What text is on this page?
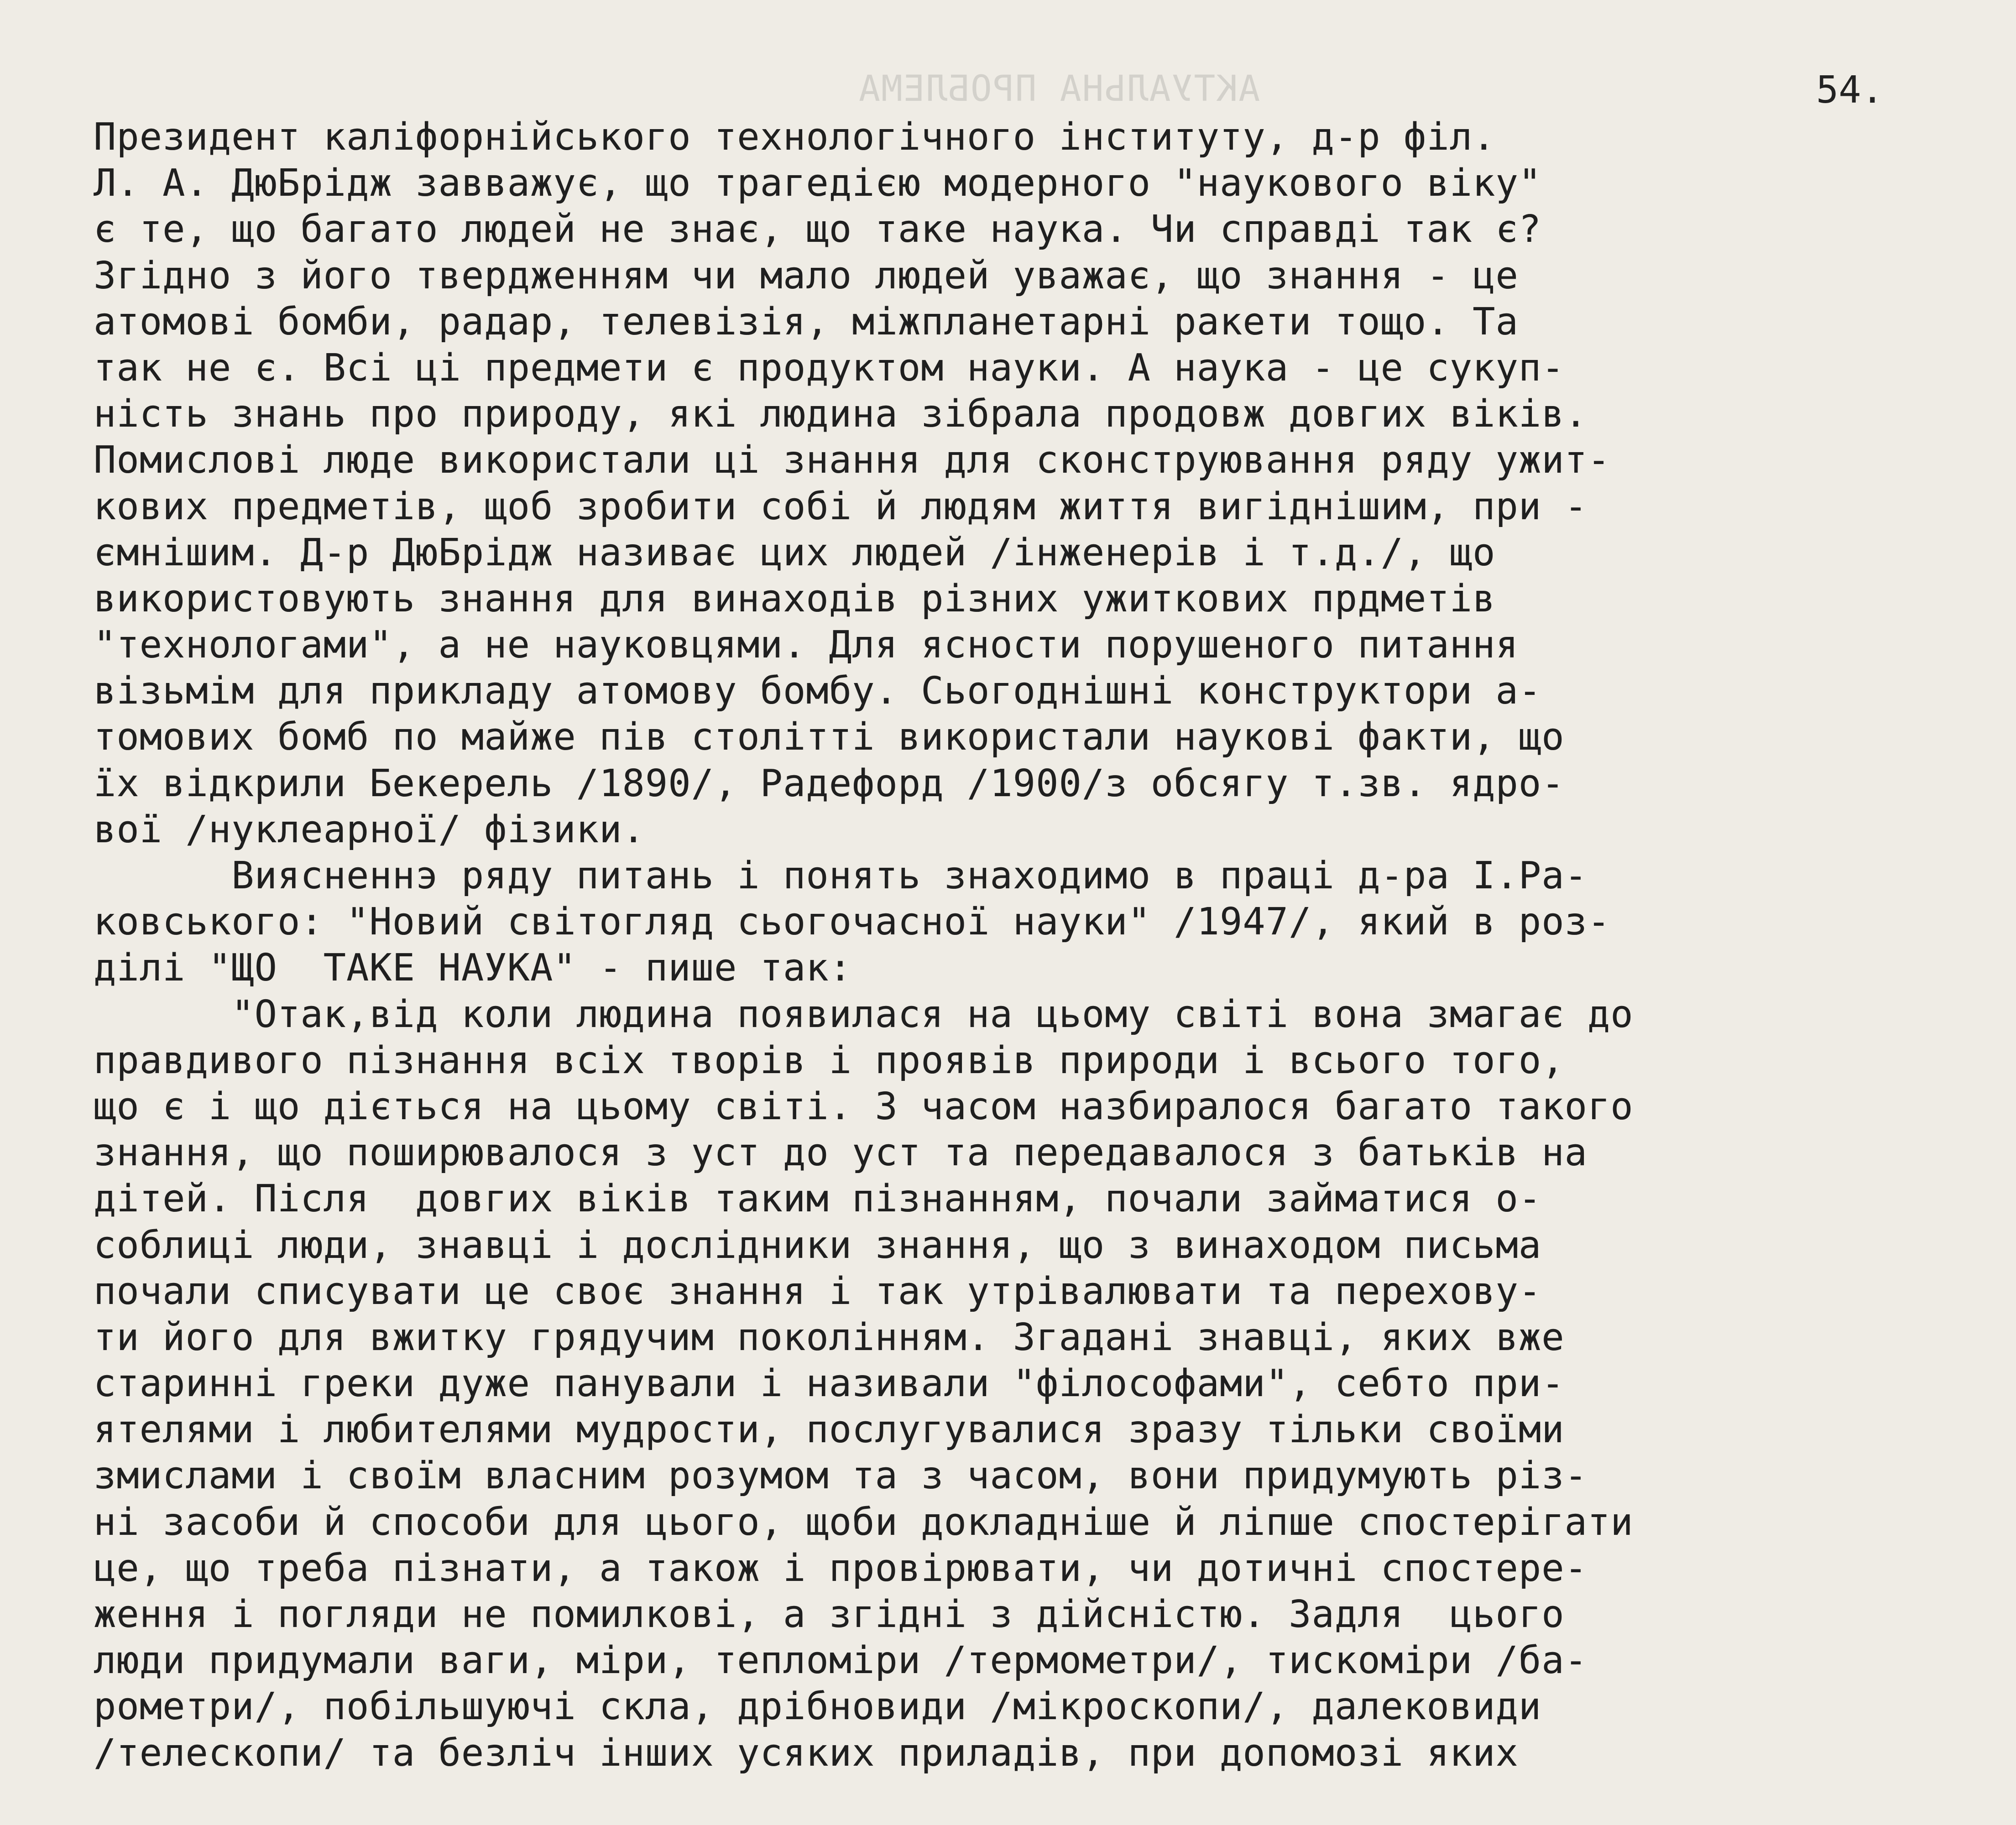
АКТУАЛЬНА ПРОБЛЕМА	54.
Президент каліфорнійського технологічного інституту, д-р філ.
Л. А. ДюБрідж завважує, що трагедією модерного "наукового віку"
є те, що багато людей не знає, що таке наука. Чи справді так є?
Згідно з його твердженням чи мало людей уважає, що знання - це
атомові бомби, радар, телевізія, міжпланетарні ракети тощо. Та
так не є. Всі ці предмети є продуктом науки. А наука - це сукуп-
ність знань про природу, які людина зібрала продовж довгих віків.
Помислові люде використали ці знання для сконструювання ряду ужит-
кових предметів, щоб зробити собі й людям життя вигіднішим, при -
ємнішим. Д-р ДюБрідж називає цих людей /інженерів і т.д./, що
використовують знання для винаходів різних ужиткових прдметів
"технологами", а не науковцями. Для ясности порушеного питання
візьмім для прикладу атомову бомбу. Сьогоднішні конструктори а-
томових бомб по майже пів столітті використали наукові факти, що
їх відкрили Бекерель /1890/, Радефорд /1900/з обсягу т.зв. ядро-
вої /нуклеарної/ фізики.
Виясненнэ ряду питань і понять знаходимо в праці д-ра І.Ра-
ковського: "Новий світогляд сьогочасної науки" /1947/, який в роз-
ділі "ЩО  ТАКЕ НАУКА" - пише так:
"Отак,від коли людина появилася на цьому світі вона змагає до
правдивого пізнання всіх творів і проявів природи і всього того,
що є і що діється на цьому світі. З часом назбиралося багато такого
знання, що поширювалося з уст до уст та передавалося з батьків на
дітей. Після  довгих віків таким пізнанням, почали займатися о-
соблиці люди, знавці і дослідники знання, що з винаходом письма
почали списувати це своє знання і так утрівалювати та перехову-
ти його для вжитку грядучим поколінням. Згадані знавці, яких вже
старинні греки дуже панували і називали "філософами", себто при-
ятелями і любителями мудрости, послугувалися зразу тільки своїми
змислами і своїм власним розумом та з часом, вони придумують різ-
ні засоби й способи для цього, щоби докладніше й ліпше спостерігати
це, що треба пізнати, а також і провірювати, чи дотичні спостере-
ження і погляди не помилкові, а згідні з дійсністю. Задля  цього
люди придумали ваги, міри, тепломіри /термометри/, тискоміри /ба-
рометри/, побільшуючі скла, дрібновиди /мікроскопи/, далековиди
/телескопи/ та безліч інших усяких приладів, при допомозі яких
